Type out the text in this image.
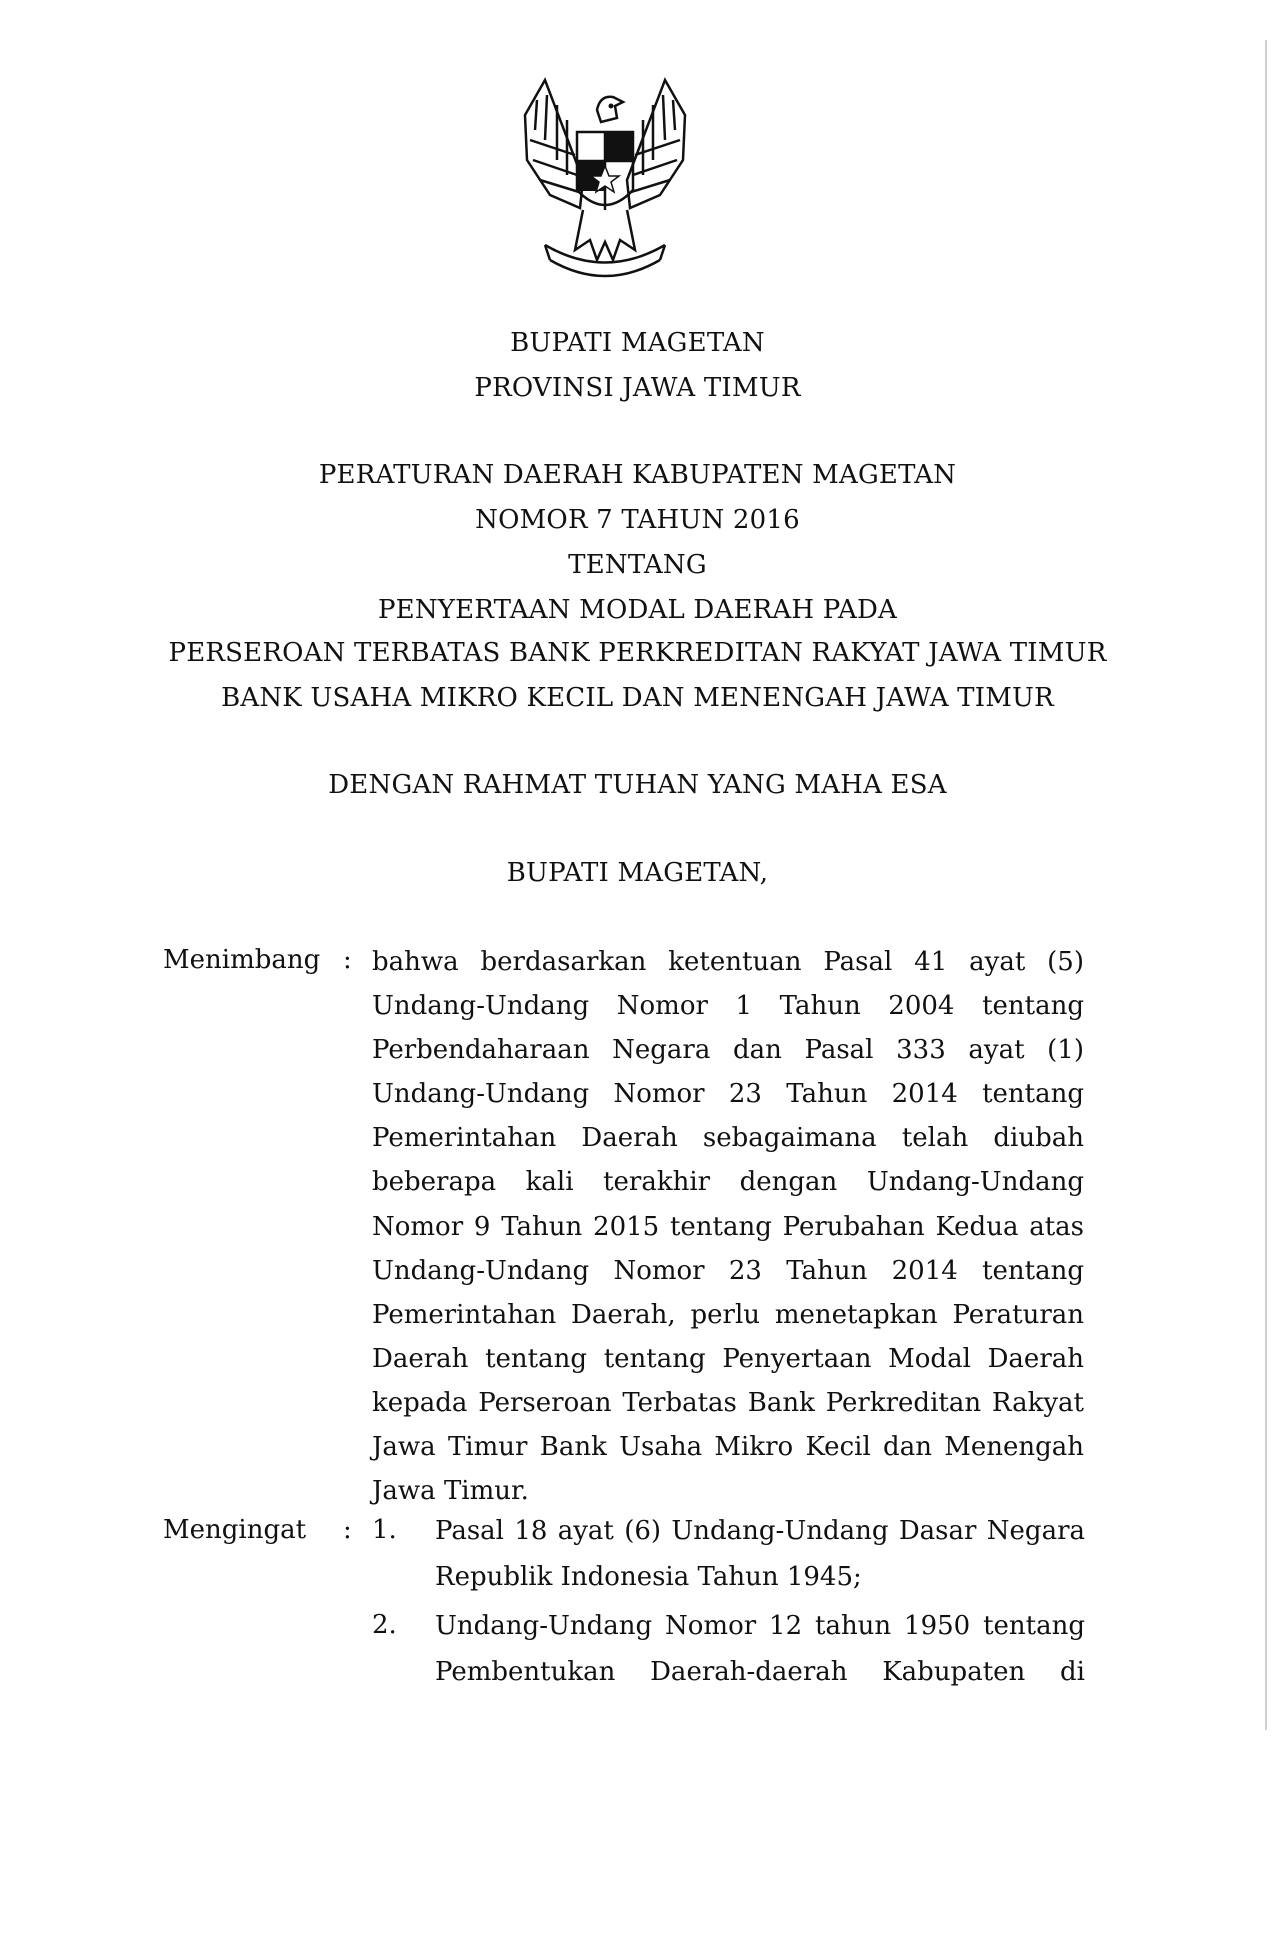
BUPATI MAGETAN
PROVINSI JAWA TIMUR
PERATURAN DAERAH KABUPATEN MAGETAN
NOMOR 7 TAHUN 2016
TENTANG
PENYERTAAN MODAL DAERAH PADA
PERSEROAN TERBATAS BANK PERKREDITAN RAKYAT JAWA TIMUR
BANK USAHA MIKRO KECIL DAN MENENGAH JAWA TIMUR
DENGAN RAHMAT TUHAN YANG MAHA ESA
BUPATI MAGETAN,
Menimbang : bahwa berdasarkan ketentuan Pasal 41 ayat (5) Undang-Undang Nomor 1 Tahun 2004 tentang Perbendaharaan Negara dan Pasal 333 ayat (1) Undang-Undang Nomor 23 Tahun 2014 tentang Pemerintahan Daerah sebagaimana telah diubah beberapa kali terakhir dengan Undang-Undang Nomor 9 Tahun 2015 tentang Perubahan Kedua atas Undang-Undang Nomor 23 Tahun 2014 tentang Pemerintahan Daerah, perlu menetapkan Peraturan Daerah tentang tentang Penyertaan Modal Daerah kepada Perseroan Terbatas Bank Perkreditan Rakyat Jawa Timur Bank Usaha Mikro Kecil dan Menengah Jawa Timur.

Mengingat : 1. Pasal 18 ayat (6) Undang-Undang Dasar Negara Republik Indonesia Tahun 1945;

2. Undang-Undang Nomor 12 tahun 1950 tentang Pembentukan Daerah-daerah Kabupaten di
